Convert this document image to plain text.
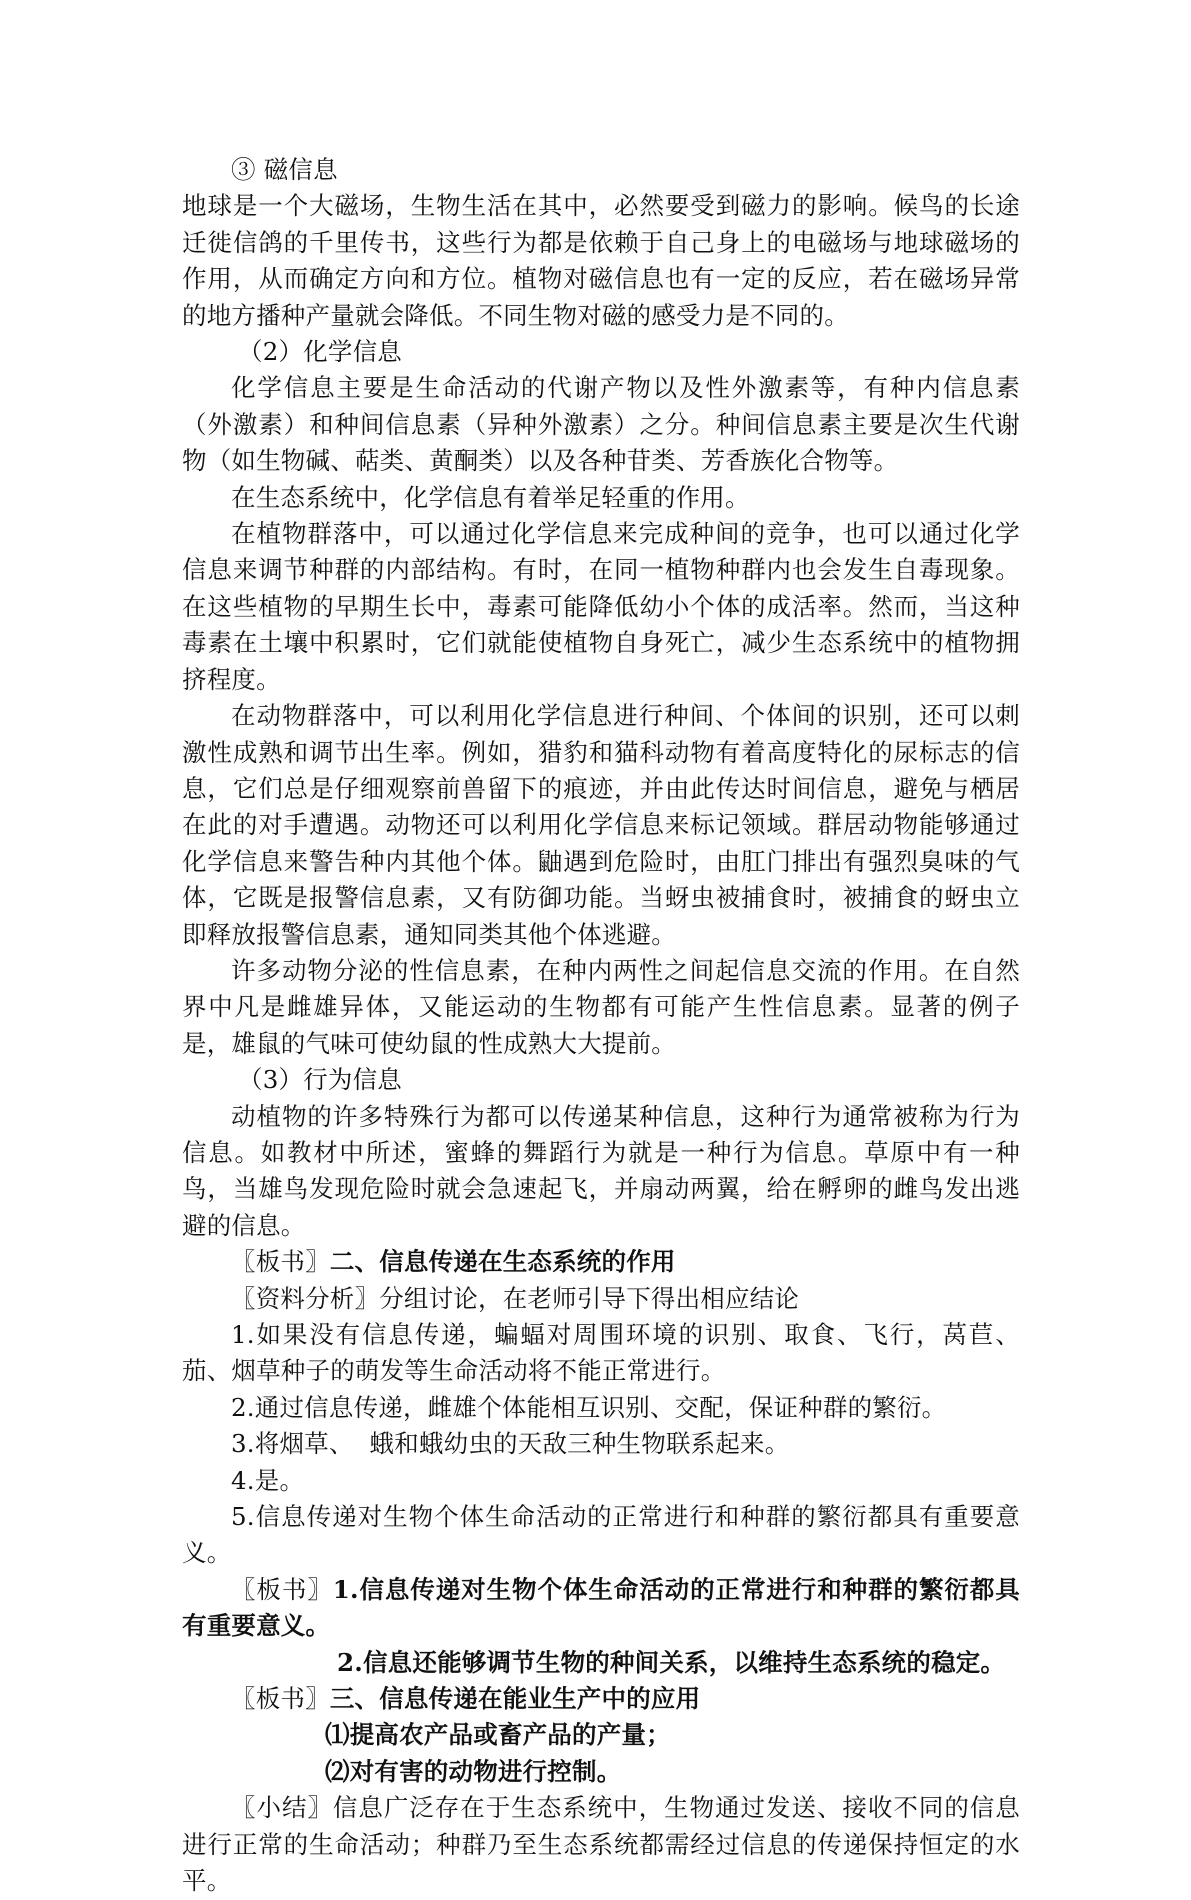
③ 磁信息

地球是一个大磁场，生物生活在其中，必然要受到磁力的影响。候鸟的长途迁徙信鸽的千里传书，这些行为都是依赖于自己身上的电磁场与地球磁场的作用，从而确定方向和方位。植物对磁信息也有一定的反应，若在磁场异常的地方播种产量就会降低。不同生物对磁的感受力是不同的。

（2）化学信息

化学信息主要是生命活动的代谢产物以及性外激素等，有种内信息素（外激素）和种间信息素（异种外激素）之分。种间信息素主要是次生代谢物（如生物碱、萜类、黄酮类）以及各种苷类、芳香族化合物等。

在生态系统中，化学信息有着举足轻重的作用。

在植物群落中，可以通过化学信息来完成种间的竞争，也可以通过化学信息来调节种群的内部结构。有时，在同一植物种群内也会发生自毒现象。在这些植物的早期生长中，毒素可能降低幼小个体的成活率。然而，当这种毒素在土壤中积累时，它们就能使植物自身死亡，减少生态系统中的植物拥挤程度。

在动物群落中，可以利用化学信息进行种间、个体间的识别，还可以刺激性成熟和调节出生率。例如，猎豹和猫科动物有着高度特化的尿标志的信息，它们总是仔细观察前兽留下的痕迹，并由此传达时间信息，避免与栖居在此的对手遭遇。动物还可以利用化学信息来标记领域。群居动物能够通过化学信息来警告种内其他个体。鼬遇到危险时，由肛门排出有强烈臭味的气体，它既是报警信息素，又有防御功能。当蚜虫被捕食时，被捕食的蚜虫立即释放报警信息素，通知同类其他个体逃避。

许多动物分泌的性信息素，在种内两性之间起信息交流的作用。在自然界中凡是雌雄异体，又能运动的生物都有可能产生性信息素。显著的例子是，雄鼠的气味可使幼鼠的性成熟大大提前。

（3）行为信息

动植物的许多特殊行为都可以传递某种信息，这种行为通常被称为行为信息。如教材中所述，蜜蜂的舞蹈行为就是一种行为信息。草原中有一种鸟，当雄鸟发现危险时就会急速起飞，并扇动两翼，给在孵卵的雌鸟发出逃避的信息。

〖板书〗二、信息传递在生态系统的作用

〖资料分析〗分组讨论，在老师引导下得出相应结论

1.如果没有信息传递，蝙蝠对周围环境的识别、取食、飞行，莴苣、茄、烟草种子的萌发等生命活动将不能正常进行。

2.通过信息传递，雌雄个体能相互识别、交配，保证种群的繁衍。

3.将烟草、  蛾和蛾幼虫的天敌三种生物联系起来。

4.是。

5.信息传递对生物个体生命活动的正常进行和种群的繁衍都具有重要意义。

〖板书〗1.信息传递对生物个体生命活动的正常进行和种群的繁衍都具有重要意义。

2.信息还能够调节生物的种间关系，以维持生态系统的稳定。

〖板书〗三、信息传递在能业生产中的应用

⑴提高农产品或畜产品的产量；

⑵对有害的动物进行控制。

〖小结〗信息广泛存在于生态系统中，生物通过发送、接收不同的信息进行正常的生命活动；种群乃至生态系统都需经过信息的传递保持恒定的水平。
